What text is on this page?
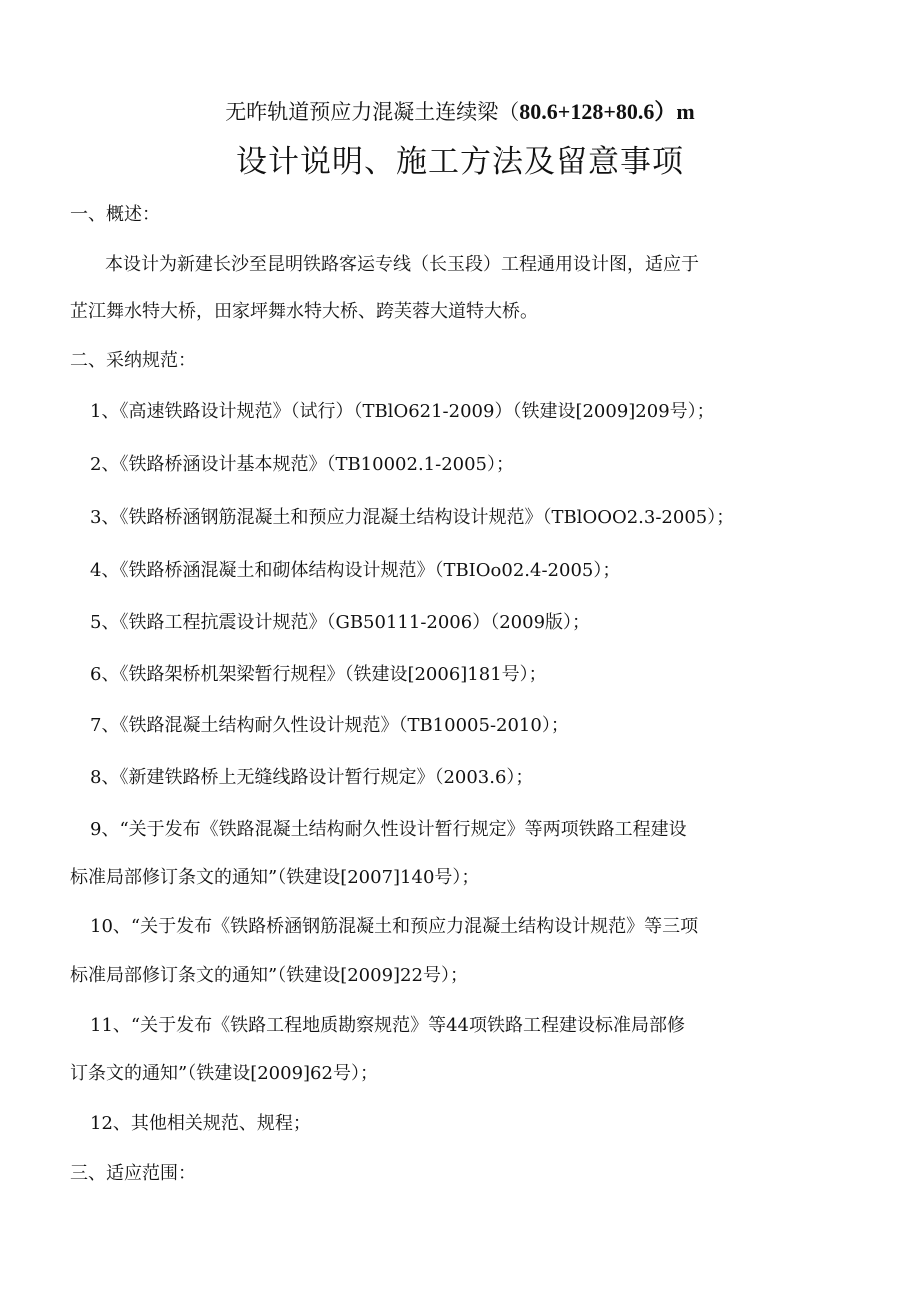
无昨轨道预应力混凝土连续梁（80.6+128+80.6）m
设计说明、施工方法及留意事项

一、概述：

本设计为新建长沙至昆明铁路客运专线（长玉段）工程通用设计图，适应于

芷江舞水特大桥，田家坪舞水特大桥、跨芙蓉大道特大桥。

二、采纳规范：

1、《高速铁路设计规范》（试行）（TBlO621-2009）（铁建设[2009]209号）；

2、《铁路桥涵设计基本规范》（TB10002.1-2005）；

3、《铁路桥涵钢筋混凝土和预应力混凝土结构设计规范》（TBlOOO2.3-2005）；

4、《铁路桥涵混凝土和砌体结构设计规范》（TBIOo02.4-2005）；

5、《铁路工程抗震设计规范》（GB50111-2006）（2009版）；

6、《铁路架桥机架梁暂行规程》（铁建设[2006]181号）；

7、《铁路混凝土结构耐久性设计规范》（TB10005-2010）；

8、《新建铁路桥上无缝线路设计暂行规定》（2003.6）；

9、“关于发布《铁路混凝土结构耐久性设计暂行规定》等两项铁路工程建设

标准局部修订条文的通知”（铁建设[2007]140号）；

10、“关于发布《铁路桥涵钢筋混凝土和预应力混凝土结构设计规范》等三项

标准局部修订条文的通知”（铁建设[2009]22号）；

11、“关于发布《铁路工程地质勘察规范》等44项铁路工程建设标准局部修

订条文的通知”（铁建设[2009]62号）；

12、其他相关规范、规程；

三、适应范围：
